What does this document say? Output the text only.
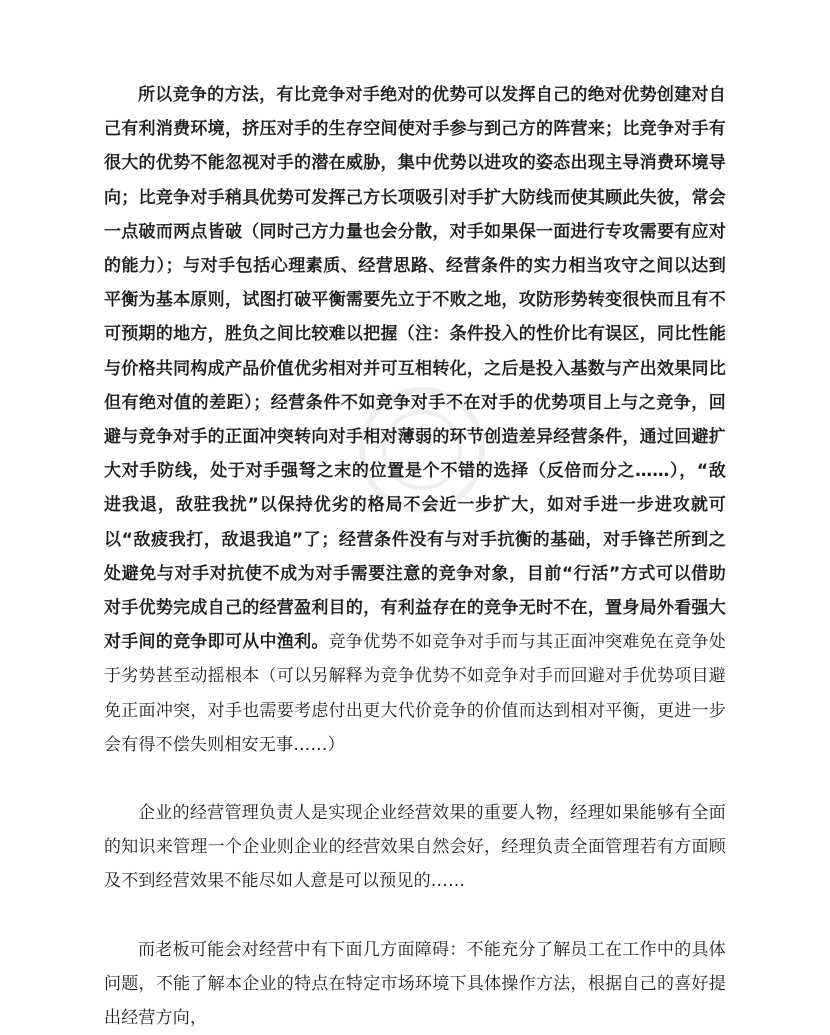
所以竞争的方法，有比竞争对手绝对的优势可以发挥自己的绝对优势创建对自己有利消费环境，挤压对手的生存空间使对手参与到己方的阵营来；比竞争对手有很大的优势不能忽视对手的潜在威胁，集中优势以进攻的姿态出现主导消费环境导向；比竞争对手稍具优势可发挥己方长项吸引对手扩大防线而使其顾此失彼，常会一点破而两点皆破（同时己方力量也会分散，对手如果保一面进行专攻需要有应对的能力）；与对手包括心理素质、经营思路、经营条件的实力相当攻守之间以达到平衡为基本原则，试图打破平衡需要先立于不败之地，攻防形势转变很快而且有不可预期的地方，胜负之间比较难以把握（注：条件投入的性价比有误区，同比性能与价格共同构成产品价值优劣相对并可互相转化，之后是投入基数与产出效果同比但有绝对值的差距）；经营条件不如竞争对手不在对手的优势项目上与之竞争，回避与竞争对手的正面冲突转向对手相对薄弱的环节创造差异经营条件，通过回避扩大对手防线，处于对手强弩之末的位置是个不错的选择（反倍而分之……），“敌进我退，敌驻我扰”以保持优劣的格局不会近一步扩大，如对手进一步进攻就可以“敌疲我打，敌退我追”了；经营条件没有与对手抗衡的基础，对手锋芒所到之处避免与对手对抗使不成为对手需要注意的竞争对象，目前“行活”方式可以借助对手优势完成自己的经营盈利目的，有利益存在的竞争无时不在，置身局外看强大对手间的竞争即可从中渔利。竞争优势不如竞争对手而与其正面冲突难免在竞争处于劣势甚至动摇根本（可以另解释为竞争优势不如竞争对手而回避对手优势项目避免正面冲突，对手也需要考虑付出更大代价竞争的价值而达到相对平衡，更进一步会有得不偿失则相安无事……）

企业的经营管理负责人是实现企业经营效果的重要人物，经理如果能够有全面的知识来管理一个企业则企业的经营效果自然会好，经理负责全面管理若有方面顾及不到经营效果不能尽如人意是可以预见的……

而老板可能会对经营中有下面几方面障碍：不能充分了解员工在工作中的具体问题，不能了解本企业的特点在特定市场环境下具体操作方法，根据自己的喜好提出经营方向，
